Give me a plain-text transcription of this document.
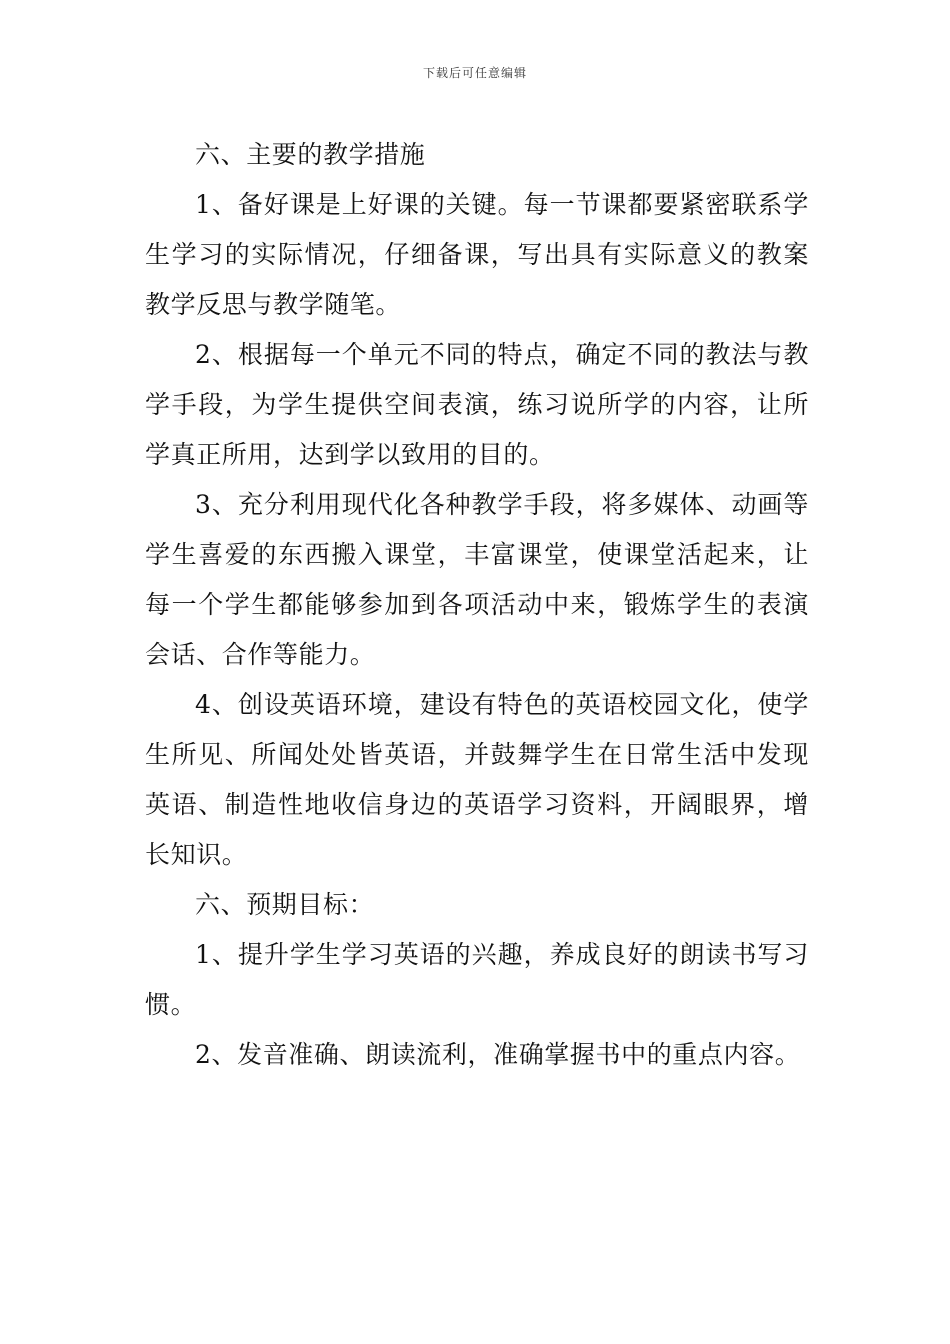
下载后可任意编辑

六、主要的教学措施

1、备好课是上好课的关键。每一节课都要紧密联系学生学习的实际情况，仔细备课，写出具有实际意义的教案教学反思与教学随笔。

2、根据每一个单元不同的特点，确定不同的教法与教学手段，为学生提供空间表演，练习说所学的内容，让所学真正所用，达到学以致用的目的。

3、充分利用现代化各种教学手段，将多媒体、动画等学生喜爱的东西搬入课堂，丰富课堂，使课堂活起来，让每一个学生都能够参加到各项活动中来，锻炼学生的表演会话、合作等能力。

4、创设英语环境，建设有特色的英语校园文化，使学生所见、所闻处处皆英语，并鼓舞学生在日常生活中发现英语、制造性地收信身边的英语学习资料，开阔眼界，增长知识。

六、预期目标：

1、提升学生学习英语的兴趣，养成良好的朗读书写习惯。

2、发音准确、朗读流利，准确掌握书中的重点内容。
